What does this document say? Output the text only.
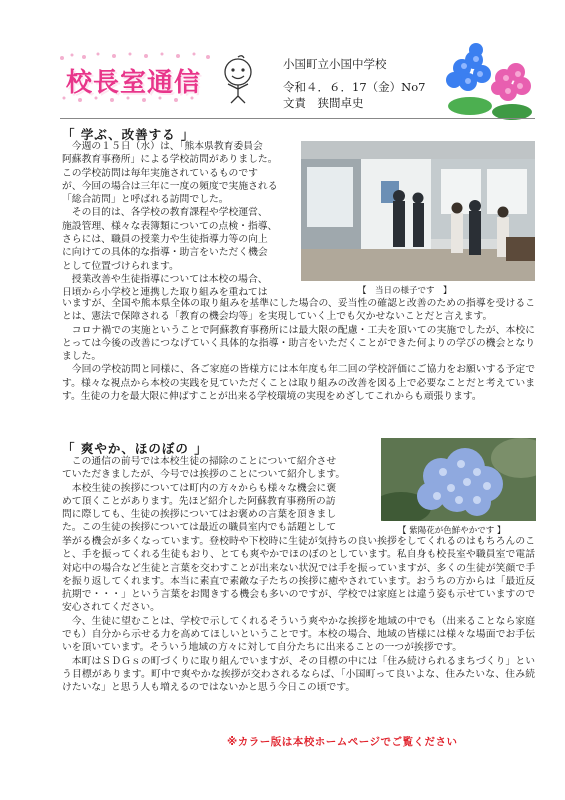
校長室通信
小国町立小国中学校
令和４．６．17（金）No7
文責　狭間卓史
「 学ぶ、改善する 」

今週の１５日（水）は、「熊本県教育委員会

阿蘇教育事務所」による学校訪問がありました。

この学校訪問は毎年実施されているものです

が、今回の場合は三年に一度の頻度で実施される

「総合訪問」と呼ばれる訪問でした。

その目的は、各学校の教育課程や学校運営、

施設管理、様々な表簿類についての点検・指導、

さらには、職員の授業力や生徒指導力等の向上

に向けての具体的な指導・助言をいただく機会

として位置づけられます。

授業改善や生徒指導については本校の場合、

日頃から小学校と連携した取り組みを重ねては	【　当日の様子です　】

いますが、全国や熊本県全体の取り組みを基準にした場合の、妥当性の確認と改善のための指導を受けることは、憲法で保障される「教育の機会均等」を実現していく上でも欠かせないことだと言えます。

コロナ禍での実施ということで阿蘇教育事務所には最大限の配慮・工夫を頂いての実施でしたが、本校にとっては今後の改善につなげていく具体的な指導・助言をいただくことができた何よりの学びの機会となりました。

今回の学校訪問と同様に、各ご家庭の皆様方には本年度も年二回の学校評価にご協力をお願いする予定です。様々な視点から本校の実践を見ていただくことは取り組みの改善を図る上で必要なことだと考えています。生徒の力を最大限に伸ばすことが出来る学校環境の実現をめざしてこれからも頑張ります。

「 爽やか、ほのぼの 」

この通信の前号では本校生徒の掃除のことについて紹介させ

ていただきましたが、今号では挨拶のことについて紹介します。

本校生徒の挨拶については町内の方々からも様々な機会に褒

めて頂くことがあります。先ほど紹介した阿蘇教育事務所の訪

問に際しても、生徒の挨拶についてはお褒めの言葉を頂きまし

た。この生徒の挨拶については最近の職員室内でも話題として	【 紫陽花が色鮮やかです 】

挙がる機会が多くなっています。登校時や下校時に生徒が気持ちの良い挨拶をしてくれるのはもちろんのこと、手を振ってくれる生徒もおり、とても爽やかでほのぼのとしています。私自身も校長室や職員室で電話対応中の場合など生徒と言葉を交わすことが出来ない状況では手を振っていますが、多くの生徒が笑顔で手を振り返してくれます。本当に素直で素敵な子たちの挨拶に癒やされています。おうちの方からは「最近反抗期で・・・」という言葉をお聞きする機会も多いのですが、学校では家庭とは違う姿も示せていますので安心されてください。

今、生徒に望むことは、学校で示してくれるそういう爽やかな挨拶を地域の中でも（出来ることなら家庭でも）自分から示せる力を高めてほしいということです。本校の場合、地域の皆様には様々な場面でお手伝いを頂いています。そういう地域の方々に対して自分たちに出来ることの一つが挨拶です。

本町はＳＤＧｓの町づくりに取り組んでいますが、その目標の中には「住み続けられるまちづくり」という目標があります。町中で爽やかな挨拶が交わされるならば、「小国町って良いよな、住みたいな、住み続けたいな」と思う人も増えるのではないかと思う今日この頃です。

※カラー版は本校ホームページでご覧ください
